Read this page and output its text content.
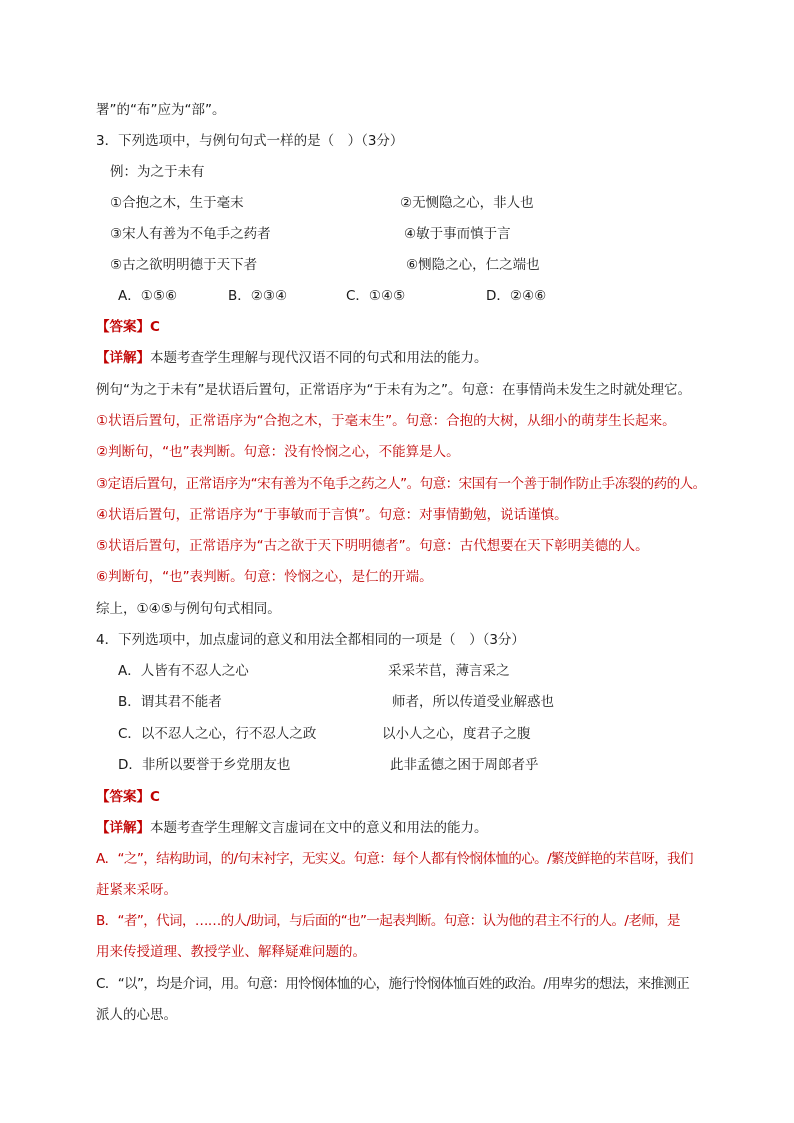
署”的“布”应为“部”。
3．下列选项中，与例句句式一样的是（　）（3分）
例：为之于未有
①合抱之木，生于毫末	②无恻隐之心，非人也
③宋人有善为不龟手之药者	④敏于事而慎于言
⑤古之欲明明德于天下者	⑥恻隐之心，仁之端也
A．①⑤⑥	B．②③④	C．①④⑤	D．②④⑥
【答案】C
【详解】本题考查学生理解与现代汉语不同的句式和用法的能力。
例句“为之于未有”是状语后置句，正常语序为“于未有为之”。句意：在事情尚未发生之时就处理它。
①状语后置句，正常语序为“合抱之木，于毫末生”。句意：合抱的大树，从细小的萌芽生长起来。
②判断句，“也”表判断。句意：没有怜悯之心，不能算是人。
③定语后置句，正常语序为“宋有善为不龟手之药之人”。句意：宋国有一个善于制作防止手冻裂的药的人。
④状语后置句，正常语序为“于事敏而于言慎”。句意：对事情勤勉，说话谨慎。
⑤状语后置句，正常语序为“古之欲于天下明明德者”。句意：古代想要在天下彰明美德的人。
⑥判断句，“也”表判断。句意：怜悯之心，是仁的开端。
综上，①④⑤与例句句式相同。
4．下列选项中，加点虚词的意义和用法全都相同的一项是（　）（3分）
A．人皆有不忍人之心	采采芣苢，薄言采之
B．谓其君不能者	师者，所以传道受业解惑也
C．以不忍人之心，行不忍人之政	以小人之心，度君子之腹
D．非所以要誉于乡党朋友也	此非孟德之困于周郎者乎
【答案】C
【详解】本题考查学生理解文言虚词在文中的意义和用法的能力。
A．“之”，结构助词，的/句末衬字，无实义。句意：每个人都有怜悯体恤的心。/繁茂鲜艳的芣苢呀，我们
赶紧来采呀。
B．“者”，代词，……的人/助词，与后面的“也”一起表判断。句意：认为他的君主不行的人。/老师，是
用来传授道理、教授学业、解释疑难问题的。
C．“以”，均是介词，用。句意：用怜悯体恤的心，施行怜悯体恤百姓的政治。/用卑劣的想法，来推测正
派人的心思。
